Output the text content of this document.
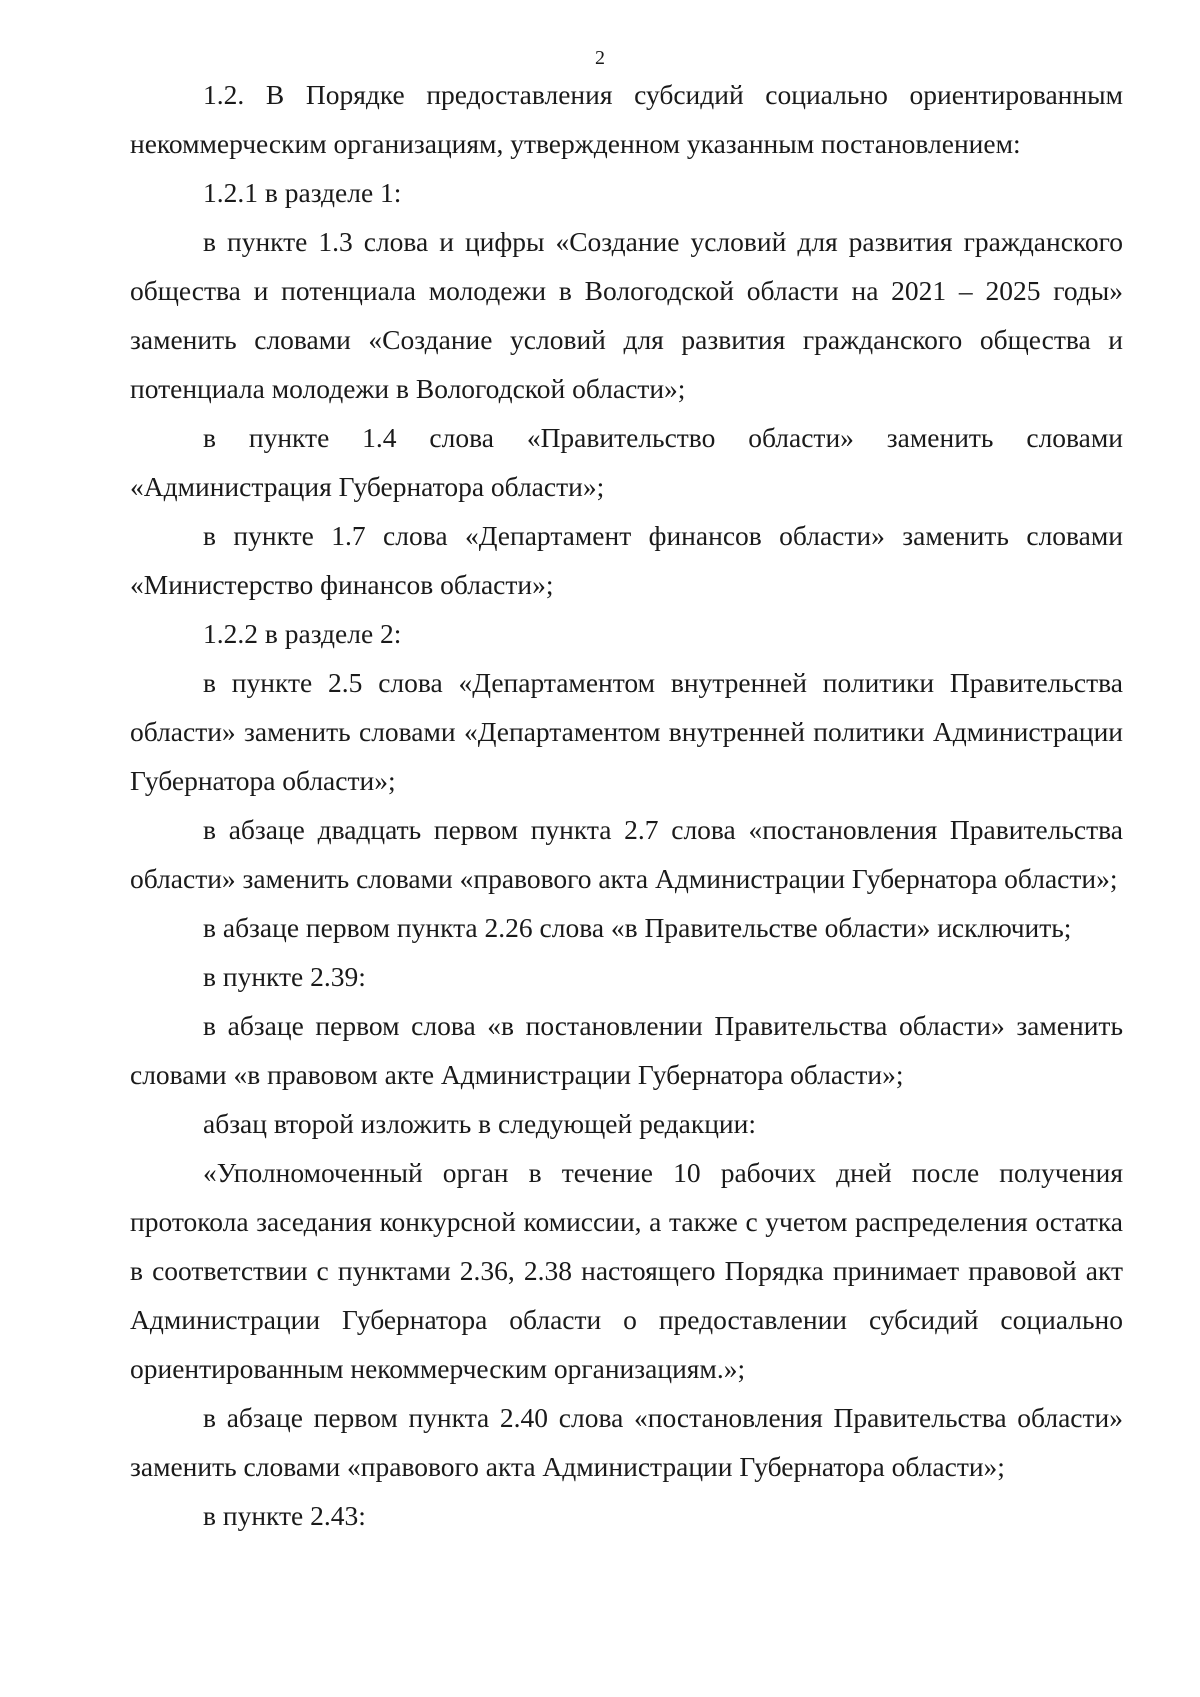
2

1.2. В Порядке предоставления субсидий социально ориентированным некоммерческим организациям, утвержденном указанным постановлением:

1.2.1 в разделе 1:

в пункте 1.3 слова и цифры «Создание условий для развития гражданского общества и потенциала молодежи в Вологодской области на 2021 – 2025 годы» заменить словами «Создание условий для развития гражданского общества и потенциала молодежи в Вологодской области»;

в пункте 1.4 слова «Правительство области» заменить словами «Администрация Губернатора области»;

в пункте 1.7 слова «Департамент финансов области» заменить словами «Министерство финансов области»;

1.2.2 в разделе 2:

в пункте 2.5 слова «Департаментом внутренней политики Правительства области» заменить словами «Департаментом внутренней политики Администрации Губернатора области»;

в абзаце двадцать первом пункта 2.7 слова «постановления Правительства области» заменить словами «правового акта Администрации Губернатора области»;

в абзаце первом пункта 2.26 слова «в Правительстве области» исключить;

в пункте 2.39:

в абзаце первом слова «в постановлении Правительства области» заменить словами «в правовом акте Администрации Губернатора области»;

абзац второй изложить в следующей редакции:

«Уполномоченный орган в течение 10 рабочих дней после получения протокола заседания конкурсной комиссии, а также с учетом распределения остатка в соответствии с пунктами 2.36, 2.38 настоящего Порядка принимает правовой акт Администрации Губернатора области о предоставлении субсидий социально ориентированным некоммерческим организациям.»;

в абзаце первом пункта 2.40 слова «постановления Правительства области» заменить словами «правового акта Администрации Губернатора области»;

в пункте 2.43:
